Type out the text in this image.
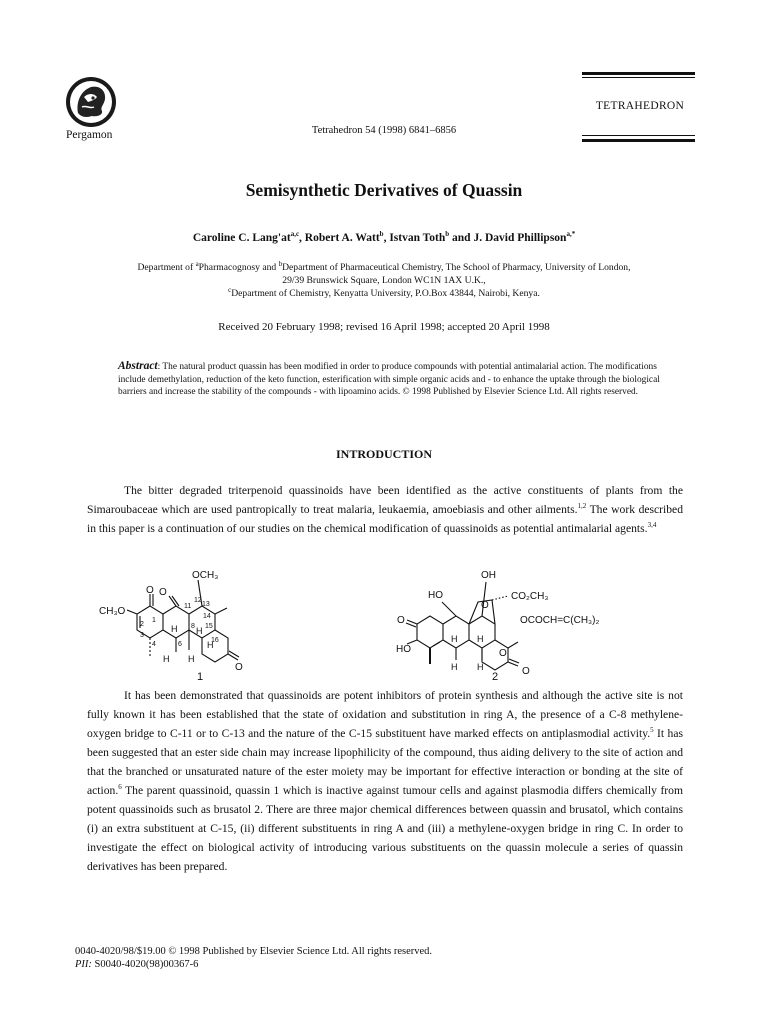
Pergamon	Tetrahedron 54 (1998) 6841–6856
TETRAHEDRON
Semisynthetic Derivatives of Quassin
Caroline C. Lang'at$^{a,c}$, Robert A. Watt$^b$, Istvan Toth$^b$ and J. David Phillipson$^{a,*}$
Department of $^a$Pharmacognosy and $^b$Department of Pharmaceutical Chemistry, The School of Pharmacy, University of London,
29/39 Brunswick Square, London WC1N 1AX U.K.,
$^c$Department of Chemistry, Kenyatta University, P.O.Box 43844, Nairobi, Kenya.
Received 20 February 1998; revised 16 April 1998; accepted 20 April 1998
Abstract: The natural product quassin has been modified in order to produce compounds with potential antimalarial action. The modifications include demethylation, reduction of the keto function, esterification with simple organic acids and - to enhance the uptake through the biological barriers and increase the stability of the compounds - with lipoamino acids. © 1998 Published by Elsevier Science Ltd. All rights reserved.
INTRODUCTION
The bitter degraded triterpenoid quassinoids have been identified as the active constituents of plants from the Simaroubaceae which are used pantropically to treat malaria, leukaemia, amoebiasis and other ailments.$^{1,2}$ The work described in this paper is a continuation of our studies on the chemical modification of quassinoids as potential antimalarial agents.$^{3,4}$
OCH₃
CH₃O
O
O
O
2
1
3
4	6
8
11
12
13
14
15
16
H H
H H
H
1
OH
HO	CO₂CH₃
OCOCH=C(CH₃)₂
HO
O
O
O
O
H H
H H
2
It has been demonstrated that quassinoids are potent inhibitors of protein synthesis and although the active site is not fully known it has been established that the state of oxidation and substitution in ring A, the presence of a C-8 methylene-oxygen bridge to C-11 or to C-13 and the nature of the C-15 substituent have marked effects on antiplasmodial activity.$^5$ It has been suggested that an ester side chain may increase lipophilicity of the compound, thus aiding delivery to the site of action and that the branched or unsaturated nature of the ester moiety may be important for effective interaction or bonding at the site of action.$^6$ The parent quassinoid, quassin 1 which is inactive against tumour cells and against plasmodia differs chemically from potent quassinoids such as brusatol 2. There are three major chemical differences between quassin and brusatol, which contains (i) an extra substituent at C-15, (ii) different substituents in ring A and (iii) a methylene-oxygen bridge in ring C. In order to investigate the effect on biological activity of introducing various substituents on the quassin molecule a series of quassin derivatives has been prepared.
0040-4020/98/$19.00 © 1998 Published by Elsevier Science Ltd. All rights reserved.
PII: S0040-4020(98)00367-6
